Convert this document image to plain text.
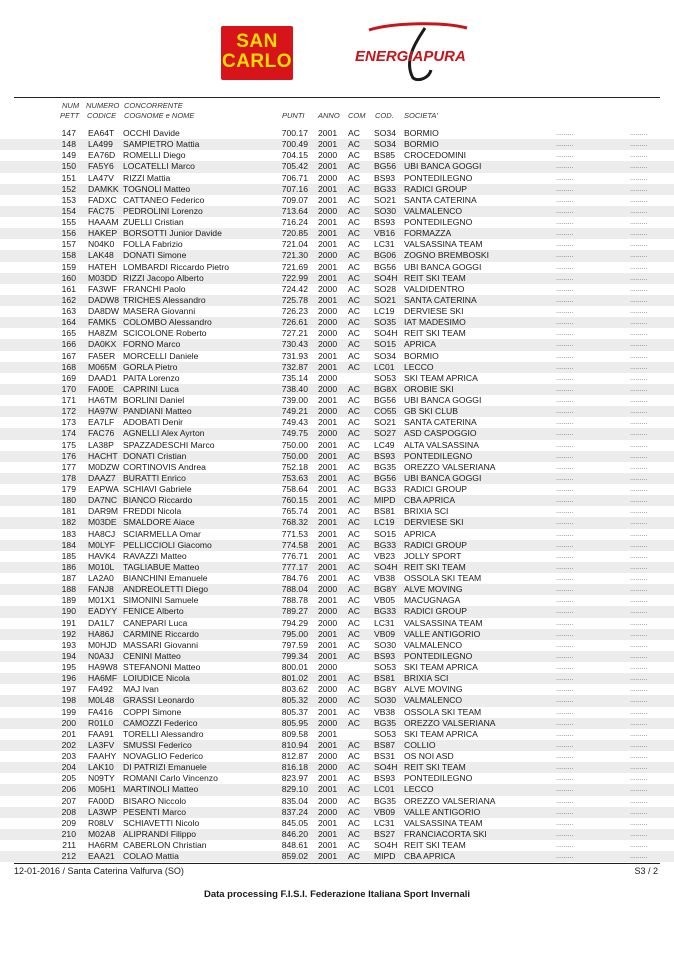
SAN
CARLO	ENERGIAPURA
NUM
PETT
NUMERO
CODICE
CONCORRENTE
COGNOME e NOME	PUNTI ANNO COM COD. SOCIETA'
147 EA64T OCCHI Davide	700.17 2001 AC SO34 BORMIO	.........	.........
148 LA499 SAMPIETRO Mattia	700.49 2001 AC SO34 BORMIO	.........	.........
149 EA76D ROMELLI Diego	704.15 2000 AC BS85 CROCEDOMINI	.........	.........
150 FA5Y6 LOCATELLI Marco	705.42 2001 AC BG56 UBI BANCA GOGGI	.........	.........
151 LA47V RIZZI Mattia	706.71 2000 AC BS93 PONTEDILEGNO	.........	.........
152 DAMKK TOGNOLI Matteo	707.16 2001 AC BG33 RADICI GROUP	.........	.........
153 FADXC CATTANEO Federico	709.07 2001 AC SO21 SANTA CATERINA	.........	.........
154 FAC75 PEDROLINI Lorenzo	713.64 2000 AC SO30 VALMALENCO	.........	.........
155 HAAAM ZUELLI Cristian	716.24 2001 AC BS93 PONTEDILEGNO	.........	.........
156 HAKEP BORSOTTI Junior Davide	720.85 2001 AC VB16 FORMAZZA	.........	.........
157 N04K0 FOLLA Fabrizio	721.04 2001 AC LC31 VALSASSINA TEAM	.........	.........
158 LAK48 DONATI Simone	721.30 2000 AC BG06 ZOGNO BREMBOSKI	.........	.........
159 HATEH LOMBARDI Riccardo Pietro	721.69 2001 AC BG56 UBI BANCA GOGGI	.........	.........
160 M03DD RIZZI Jacopo Alberto	722.99 2001 AC SO4H REIT SKI TEAM	.........	.........
161 FA3WF FRANCHI Paolo	724.42 2000 AC SO28 VALDIDENTRO	.........	.........
162 DADW8 TRICHES Alessandro	725.78 2001 AC SO21 SANTA CATERINA	.........	.........
163 DA8DW MASERA Giovanni	726.23 2000 AC LC19 DERVIESE SKI	.........	.........
164 FAMK5 COLOMBO Alessandro	726.61 2000 AC SO35 IAT MADESIMO	.........	.........
165 HA8ZM SCICOLONE Roberto	727.21 2000 AC SO4H REIT SKI TEAM	.........	.........
166 DA0KX FORNO Marco	730.43 2000 AC SO15 APRICA	.........	.........
167 FA5ER MORCELLI Daniele	731.93 2001 AC SO34 BORMIO	.........	.........
168 M065M GORLA Pietro	732.87 2001 AC LC01 LECCO	.........	.........
169 DAAD1 PAITA Lorenzo	735.14 2000	SO53 SKI TEAM APRICA	.........	.........
170 FA00E CAPRINI Luca	738.40 2000 AC BG8X OROBIE SKI	.........	.........
171 HA6TM BORLINI Daniel	739.00 2001 AC BG56 UBI BANCA GOGGI	.........	.........
172 HA97W PANDIANI Matteo	749.21 2000 AC CO55 GB SKI CLUB	.........	.........
173 EA7LF ADOBATI Denir	749.43 2001 AC SO21 SANTA CATERINA	.........	.........
174 FAC76 AGNELLI Alex Ayrton	749.75 2000 AC SO27 ASD CASPOGGIO	.........	.........
175 LA38P SPAZZADESCHI Marco	750.00 2001 AC LC49 ALTA VALSASSINA	.........	.........
176 HACHT DONATI Cristian	750.00 2001 AC BS93 PONTEDILEGNO	.........	.........
177 M0DZW CORTINOVIS Andrea	752.18 2001 AC BG35 OREZZO VALSERIANA	.........	.........
178 DAAZ7 BURATTI Enrico	753.63 2001 AC BG56 UBI BANCA GOGGI	.........	.........
179 EAPWA SCHIAVI Gabriele	758.64 2001 AC BG33 RADICI GROUP	.........	.........
180 DA7NC BIANCO Riccardo	760.15 2001 AC MIPD CBA APRICA	.........	.........
181 DAR9M FREDDI Nicola	765.74 2001 AC BS81 BRIXIA SCI	.........	.........
182 M03DE SMALDORE Aiace	768.32 2001 AC LC19 DERVIESE SKI	.........	.........
183 HA8CJ SCIARMELLA Omar	771.53 2001 AC SO15 APRICA	.........	.........
184 M0LYF PELLICCIOLI Giacomo	774.58 2001 AC BG33 RADICI GROUP	.........	.........
185 HAVK4 RAVAZZI Matteo	776.71 2001 AC VB23 JOLLY SPORT	.........	.........
186 M010L TAGLIABUE Matteo	777.17 2001 AC SO4H REIT SKI TEAM	.........	.........
187 LA2A0 BIANCHINI Emanuele	784.76 2001 AC VB38 OSSOLA SKI TEAM	.........	.........
188 FANJ8 ANDREOLETTI Diego	788.04 2000 AC BG8Y ALVE MOVING	.........	.........
189 M01X1 SIMONINI Samuele	788.78 2001 AC VB05 MACUGNAGA	.........	.........
190 EADYY FENICE Alberto	789.27 2000 AC BG33 RADICI GROUP	.........	.........
191 DA1L7 CANEPARI Luca	794.29 2000 AC LC31 VALSASSINA TEAM	.........	.........
192 HA86J CARMINE Riccardo	795.00 2001 AC VB09 VALLE ANTIGORIO	.........	.........
193 M0HJD MASSARI Giovanni	797.59 2001 AC SO30 VALMALENCO	.........	.........
194 N0A3J CENINI Matteo	799.34 2001 AC BS93 PONTEDILEGNO	.........	.........
195 HA9W8 STEFANONI Matteo	800.01 2000	SO53 SKI TEAM APRICA	.........	.........
196 HA6MF LOIUDICE Nicola	801.02 2001 AC BS81 BRIXIA SCI	.........	.........
197 FA492 MAJ Ivan	803.62 2000 AC BG8Y ALVE MOVING	.........	.........
198 M0L48 GRASSI Leonardo	805.32 2000 AC SO30 VALMALENCO	.........	.........
199 FA416 COPPI Simone	805.37 2001 AC VB38 OSSOLA SKI TEAM	.........	.........
200 R01L0 CAMOZZI Federico	805.95 2000 AC BG35 OREZZO VALSERIANA	.........	.........
201 FAA91 TORELLI Alessandro	809.58 2001	SO53 SKI TEAM APRICA	.........	.........
202 LA3FV SMUSSI Federico	810.94 2001 AC BS87 COLLIO	.........	.........
203 FAAHY NOVAGLIO Federico	812.87 2000 AC BS31 OS NOI ASD	.........	.........
204 LAK10 DI PATRIZI Emanuele	816.18 2000 AC SO4H REIT SKI TEAM	.........	.........
205 N09TY ROMANI Carlo Vincenzo	823.97 2001 AC BS93 PONTEDILEGNO	.........	.........
206 M05H1 MARTINOLI Matteo	829.10 2001 AC LC01 LECCO	.........	.........
207 FA00D BISARO Niccolo	835.04 2000 AC BG35 OREZZO VALSERIANA	.........	.........
208 LA3WP PESENTI Marco	837.24 2000 AC VB09 VALLE ANTIGORIO	.........	.........
209 R08LV SCHIAVETTI Nicolo	845.05 2001 AC LC31 VALSASSINA TEAM	.........	.........
210 M02A8 ALIPRANDI Filippo	846.20 2001 AC BS27 FRANCIACORTA SKI	.........	.........
211 HA6RM CABERLON Christian	848.61 2001 AC SO4H REIT SKI TEAM	.........	.........
212 EAA21 COLAO Mattia	859.02 2001 AC MIPD CBA APRICA	.........	.........
12-01-2016 / Santa Caterina Valfurva (SO)	S3 / 2
Data processing F.I.S.I. Federazione Italiana Sport Invernali
